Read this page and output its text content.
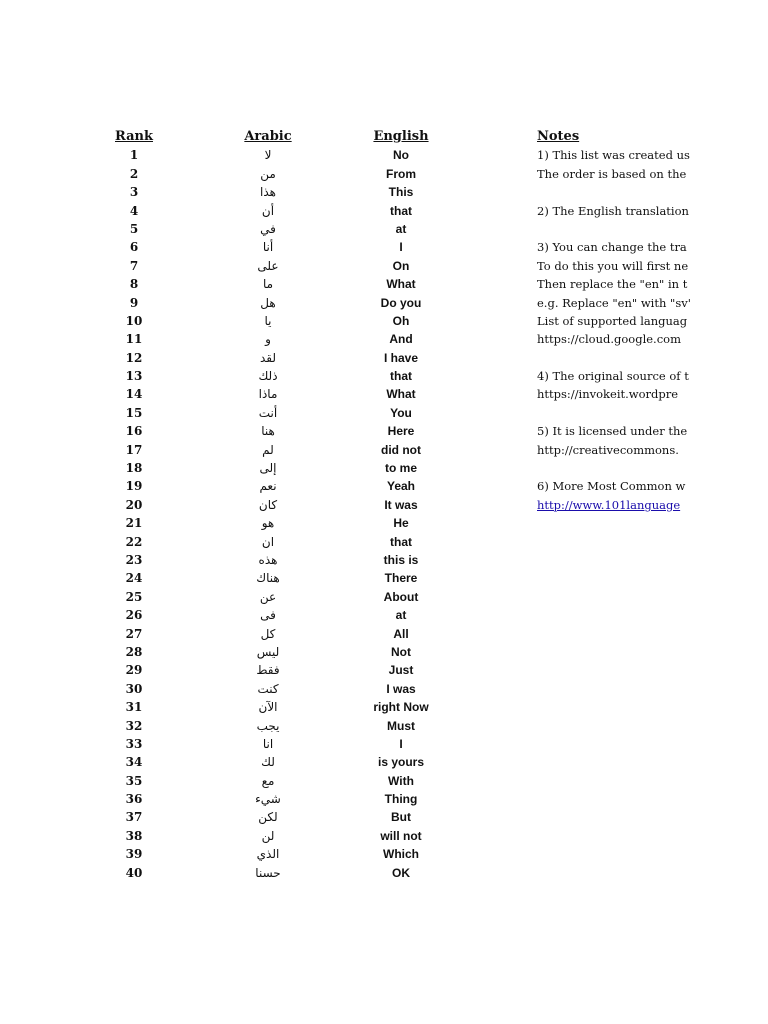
Rank	Arabic	English
1	لا	No
2	من	From
3	هذا	This
4	أن	that
5	في	at
6	أنا	I
7	على	On
8	ما	What
9	هل	Do you
10	يا	Oh
11	و	And
12	لقد	I have
13	ذلك	that
14	ماذا	What
15	أنت	You
16	هنا	Here
17	لم	did not
18	إلى	to me
19	نعم	Yeah
20	كان	It was
21	هو	He
22	ان	that
23	هذه	this is
24	هناك	There
25	عن	About
26	فى	at
27	كل	All
28	ليس	Not
29	فقط	Just
30	كنت	I was
31	الآن	right Now
32	يجب	Must
33	انا	I
34	لك	is yours
35	مع	With
36	شيء	Thing
37	لكن	But
38	لن	will not
39	الذي	Which
40	حسنا	OK
Notes
1) This list was created us
The order is based on the
2) The English translation
3) You can change the tra
To do this you will first ne
Then replace the "en" in t
e.g. Replace "en" with "sv'
List of supported languag
https://cloud.google.com
4) The original source of t
https://invokeit.wordpre
5) It is licensed under the
http://creativecommons.
6) More Most Common w
http://www.101language
